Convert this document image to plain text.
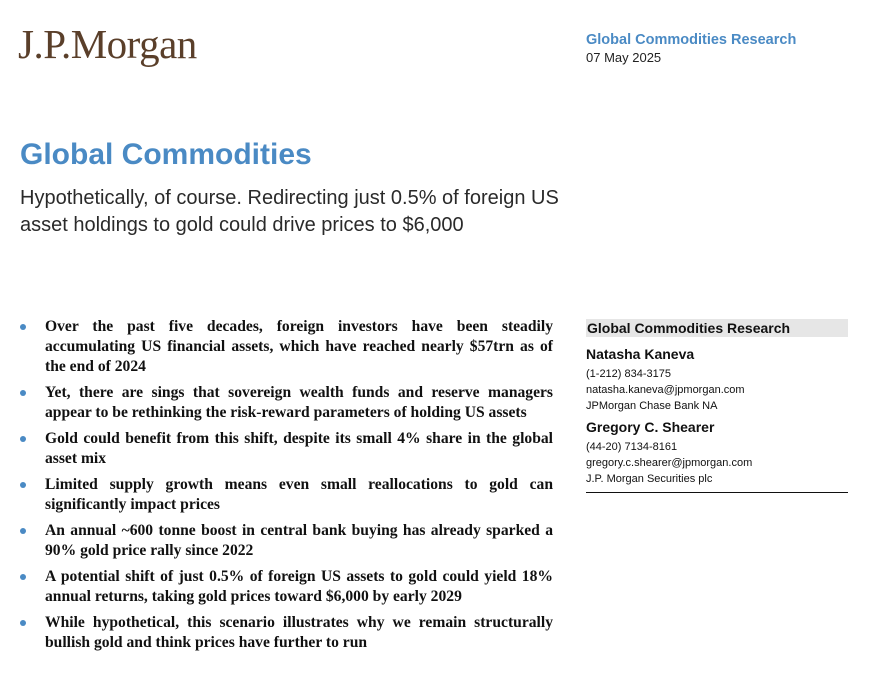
J.P.Morgan	Global Commodities Research
07 May 2025
Global Commodities

Hypothetically, of course. Redirecting just 0.5% of foreign US asset holdings to gold could drive prices to $6,000

Over the past five decades, foreign investors have been steadily accumulating US financial assets, which have reached nearly $57trn as of the end of 2024
Yet, there are sings that sovereign wealth funds and reserve managers appear to be rethinking the risk-reward parameters of holding US assets
Gold could benefit from this shift, despite its small 4% share in the global asset mix
Limited supply growth means even small reallocations to gold can significantly impact prices
An annual ~600 tonne boost in central bank buying has already sparked a 90% gold price rally since 2022
A potential shift of just 0.5% of foreign US assets to gold could yield 18% annual returns, taking gold prices toward $6,000 by early 2029
While hypothetical, this scenario illustrates why we remain structurally bullish gold and think prices have further to run
Global Commodities Research
Natasha Kaneva
(1-212) 834-3175
natasha.kaneva@jpmorgan.com
JPMorgan Chase Bank NA
Gregory C. Shearer
(44-20) 7134-8161
gregory.c.shearer@jpmorgan.com
J.P. Morgan Securities plc
